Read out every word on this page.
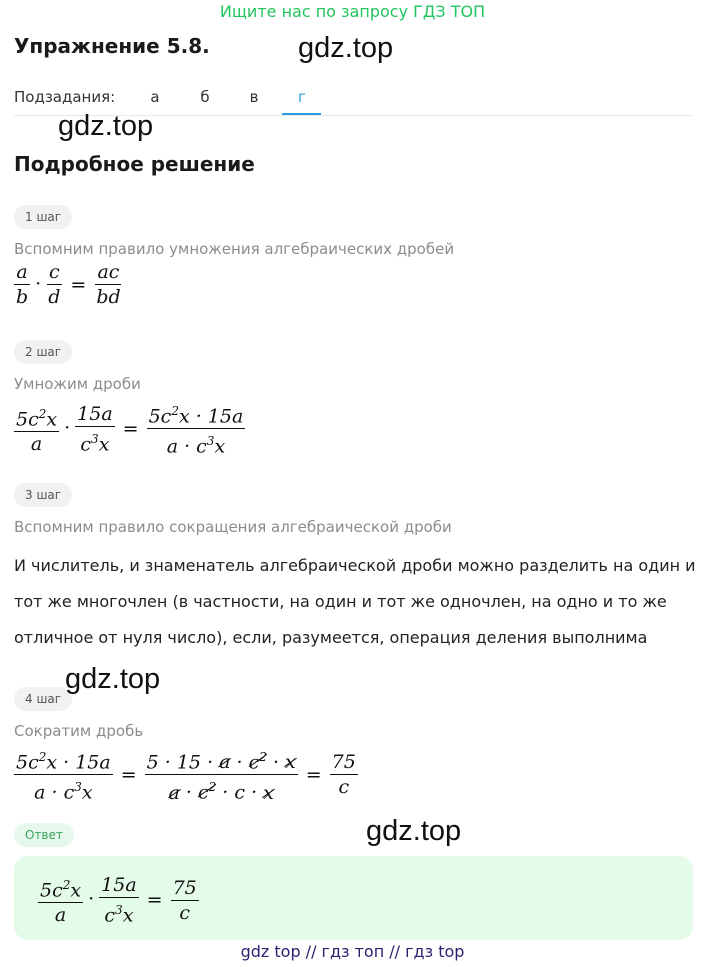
Ищите нас по запросу ГДЗ ТОП
Упражнение 5.8.	gdz.top
Подзадания:	а	б	в	г
gdz.top
Подробное решение
1 шаг
Вспомним правило умножения алгебраических дробей
$\frac{a}{b} \cdot \frac{c}{d} = \frac{ac}{bd}$
2 шаг
Умножим дроби
$\frac{5c^2x}{a} \cdot \frac{15a}{c^3x} = \frac{5c^2x \cdot 15a}{a \cdot c^3x}$
3 шаг
Вспомним правило сокращения алгебраической дроби
И числитель, и знаменатель алгебраической дроби можно разделить на один и тот же многочлен (в частности, на один и тот же одночлен, на одно и то же отличное от нуля число), если, разумеется, операция деления выполнима
4 шаг
gdz.top
Сократим дробь
$\frac{5c^2x \cdot 15a}{a \cdot c^3x} = \frac{5 \cdot 15 \cdot a \cdot c^2 \cdot x}{a \cdot c^2 \cdot c \cdot x} = \frac{75}{c}$
Ответ	gdz.top
$\frac{5c^2x}{a} \cdot \frac{15a}{c^3x} = \frac{75}{c}$
gdz top // гдз топ // гдз top
